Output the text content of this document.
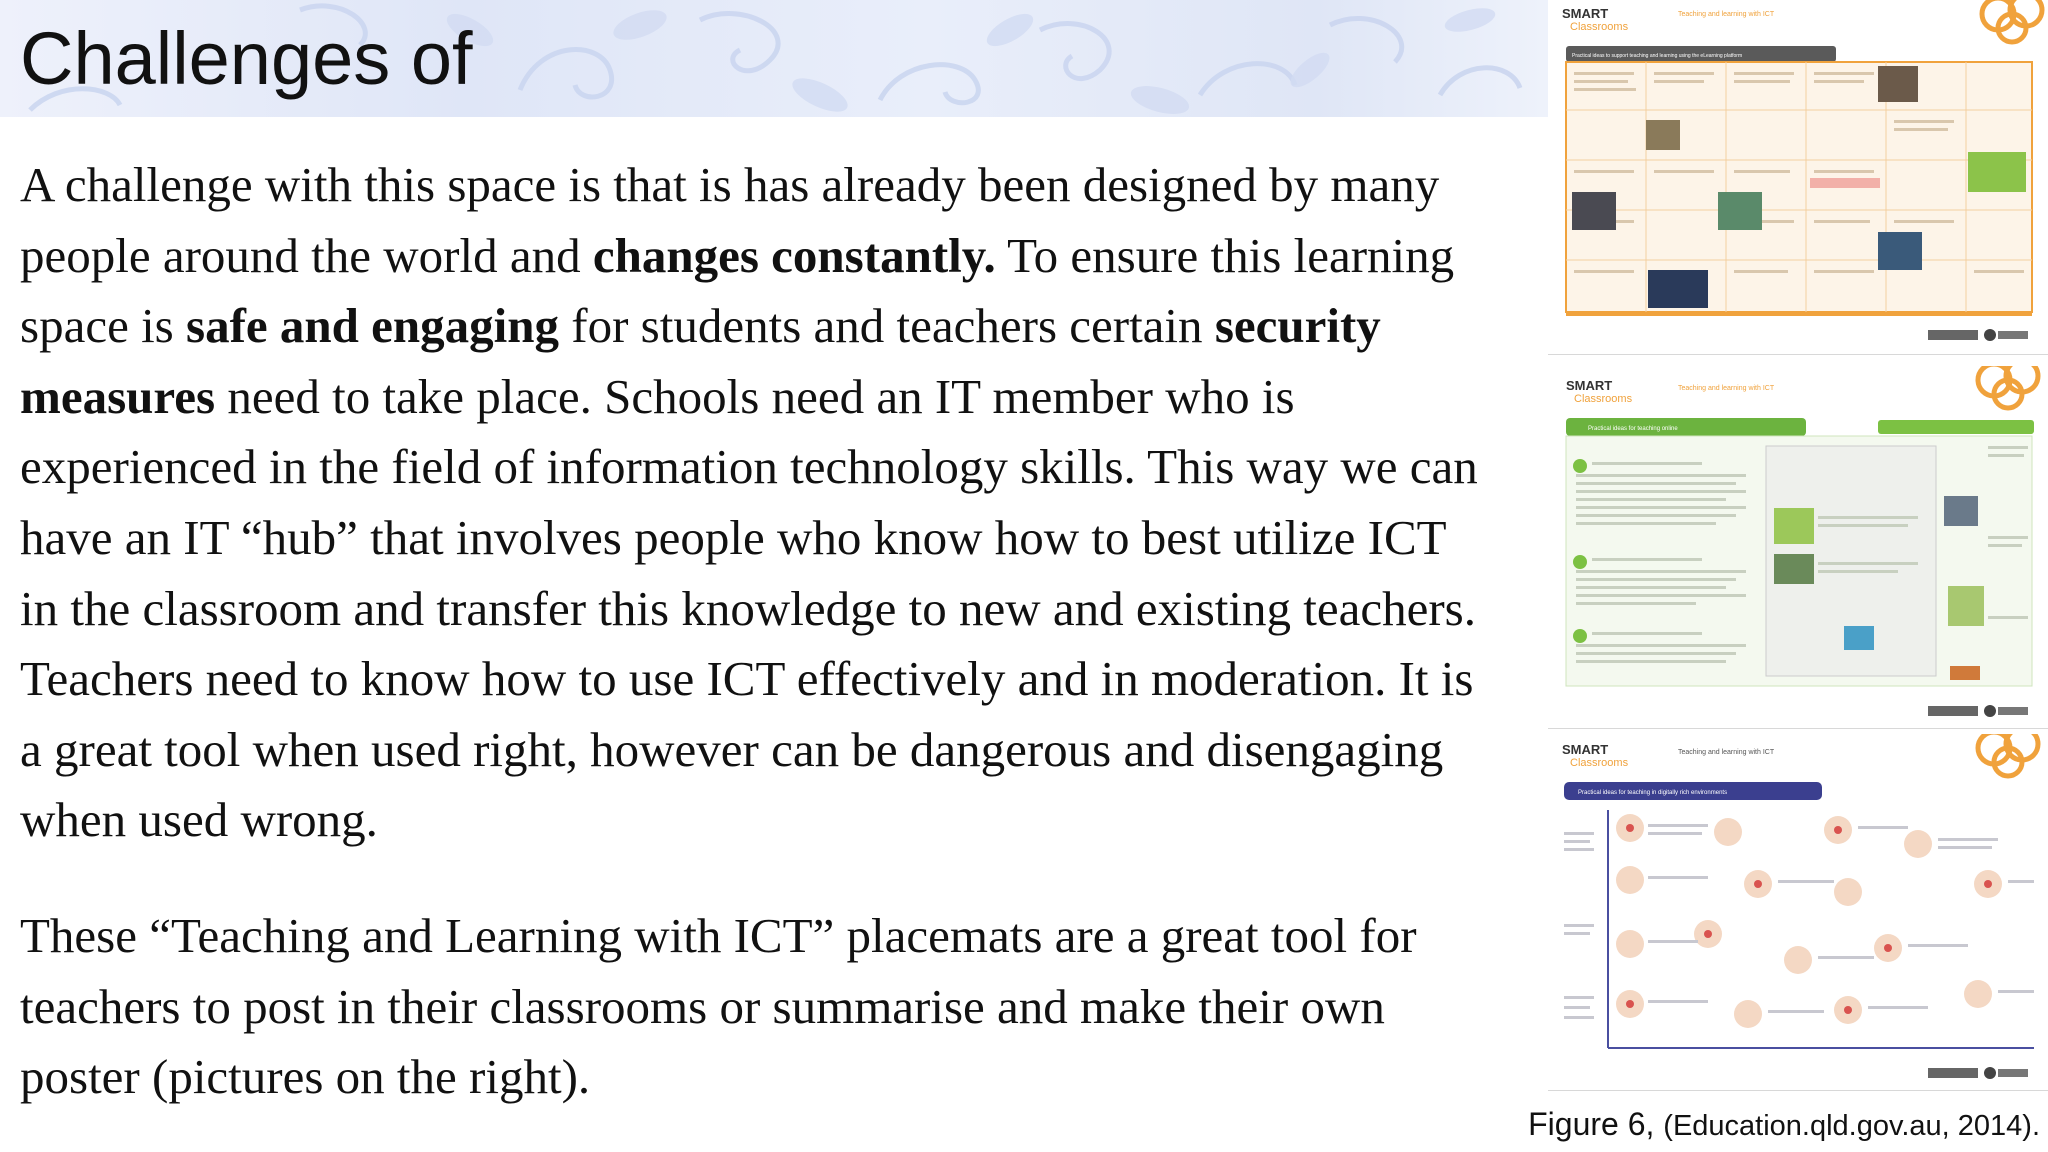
Challenges of

A challenge with this space is that is has already been designed by many people around the world and changes constantly. To ensure this learning space is safe and engaging for students and teachers certain security measures need to take place. Schools need an IT member who is experienced in the field of information technology skills. This way we can have an IT “hub” that involves people who know how to best utilize ICT in the classroom and transfer this knowledge to new and existing teachers. Teachers need to know how to use ICT effectively and in moderation. It is a great tool when used right, however can be dangerous and disengaging when used wrong.

These “Teaching and Learning with ICT” placemats are a great tool for teachers to post in their classrooms or summarise and make their own poster (pictures on the right).

SMART
Classrooms
Teaching and learning with ICT
Practical ideas to support teaching and learning using the eLearning platform
SMART
Classrooms
Teaching and learning with ICT
Practical ideas for teaching online
SMART
Classrooms
Teaching and learning with ICT
Practical ideas for teaching in digitally rich environments
Figure 6, (Education.qld.gov.au, 2014).
